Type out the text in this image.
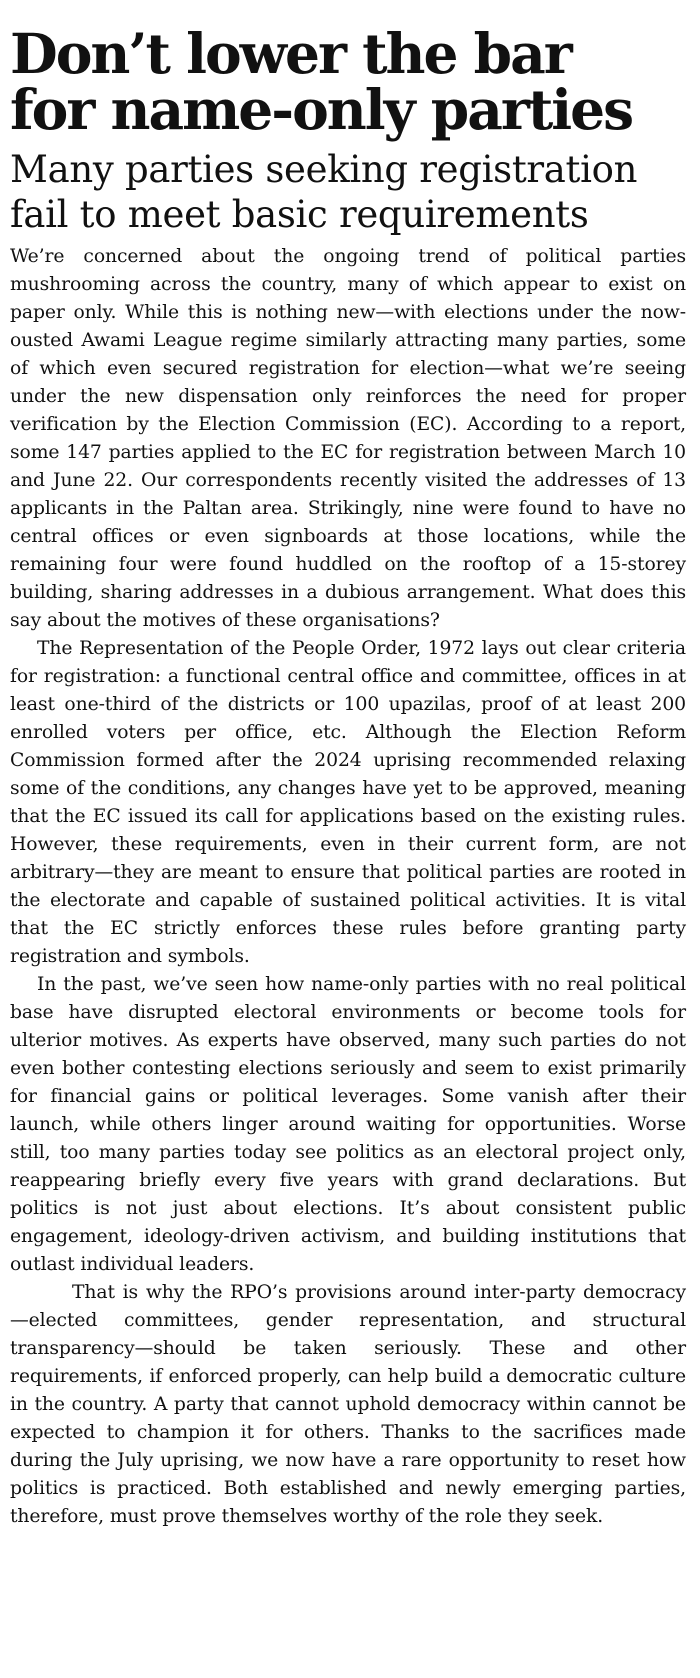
Don’t lower the bar
for name-only parties
Many parties seeking registration
fail to meet basic requirements

We’re concerned about the ongoing trend of political parties mushrooming across the country, many of which appear to exist on paper only. While this is nothing new—with elections under the now-ousted Awami League regime similarly attracting many parties, some of which even secured registration for election—what we’re seeing under the new dispensation only reinforces the need for proper verification by the Election Commission (EC). According to a report, some 147 parties applied to the EC for registration between March 10 and June 22. Our correspondents recently visited the addresses of 13 applicants in the Paltan area. Strikingly, nine were found to have no central offices or even signboards at those locations, while the remaining four were found huddled on the rooftop of a 15-storey building, sharing addresses in a dubious arrangement. What does this say about the motives of these organisations?

The Representation of the People Order, 1972 lays out clear criteria for registration: a functional central office and committee, offices in at least one-third of the districts or 100 upazilas, proof of at least 200 enrolled voters per office, etc. Although the Election Reform Commission formed after the 2024 uprising recommended relaxing some of the conditions, any changes have yet to be approved, meaning that the EC issued its call for applications based on the existing rules. However, these requirements, even in their current form, are not arbitrary—they are meant to ensure that political parties are rooted in the electorate and capable of sustained political activities. It is vital that the EC strictly enforces these rules before granting party registration and symbols.

In the past, we’ve seen how name-only parties with no real political base have disrupted electoral environments or become tools for ulterior motives. As experts have observed, many such parties do not even bother contesting elections seriously and seem to exist primarily for financial gains or political leverages. Some vanish after their launch, while others linger around waiting for opportunities. Worse still, too many parties today see politics as an electoral project only, reappearing briefly every five years with grand declarations. But politics is not just about elections. It’s about consistent public engagement, ideology-driven activism, and building institutions that outlast individual leaders.

That is why the RPO’s provisions around inter-party democracy—elected committees, gender representation, and structural transparency—should be taken seriously. These and other requirements, if enforced properly, can help build a democratic culture in the country. A party that cannot uphold democracy within cannot be expected to champion it for others. Thanks to the sacrifices made during the July uprising, we now have a rare opportunity to reset how politics is practiced. Both established and newly emerging parties, therefore, must prove themselves worthy of the role they seek.
